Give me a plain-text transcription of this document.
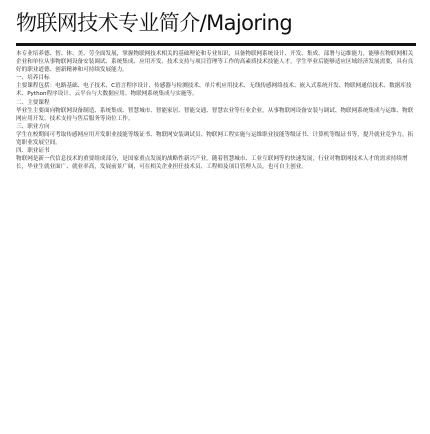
物联网技术专业简介/Majoring

本专业培养德、智、体、美、劳全面发展，掌握物联网技术相关的基础理论和专业知识，具备物联网系统设计、开发、集成、部署与运维能力，能够在物联网相关企业和单位从事物联网设备安装调试、系统集成、应用开发、技术支持与项目管理等工作的高素质技术技能人才。学生毕业后能够适应区域经济发展需要，具有良好的职业道德、创新精神和可持续发展能力。

一、培养目标

主要课程包括：电路基础、电子技术、C语言程序设计、传感器与检测技术、单片机应用技术、无线传感网络技术、嵌入式系统开发、物联网通信技术、数据库技术、Python程序设计、云平台与大数据应用、物联网系统集成与实施等。

二、主要课程

毕业生主要面向物联网设备制造、系统集成、智慧城市、智能家居、智能交通、智慧农业等行业企业，从事物联网设备安装与调试、物联网系统集成与运维、物联网应用开发、技术支持与售后服务等岗位工作。

三、职业方向

学生在校期间可考取传感网应用开发职业技能等级证书、物联网安装调试员、物联网工程实施与运维职业技能等级证书、计算机等级证书等，提升就业竞争力，拓宽职业发展空间。

四、职业证书

物联网是新一代信息技术的重要组成部分，是国家重点发展的战略性新兴产业。随着智慧城市、工业互联网等的快速发展，行业对物联网技术人才的需求持续增长，毕业生就业面广、就业率高，发展前景广阔，可在相关企业担任技术员、工程师及项目管理人员，也可自主创业。
